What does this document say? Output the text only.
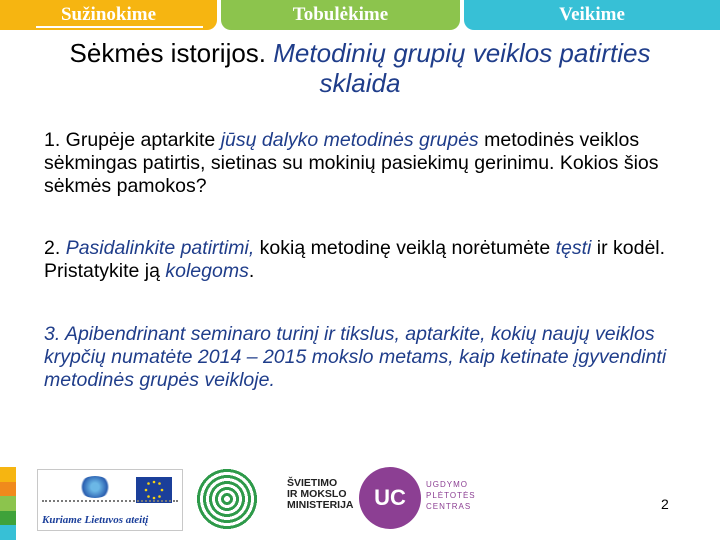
Sužinokime	Tobulėkime	Veikime
Sėkmės istorijos. Metodinių grupių veiklos patirties sklaida
1. Grupėje aptarkite jūsų dalyko metodinės grupės metodinės veiklos sėkmingas patirtis, sietinas su mokinių pasiekimų gerinimu. Kokios šios sėkmės pamokos?
2. Pasidalinkite patirtimi, kokią metodinę veiklą norėtumėte tęsti ir kodėl. Pristatykite ją kolegoms.
3. Apibendrinant seminaro turinį ir tikslus, aptarkite, kokių naujų veiklos krypčių numatėte 2014 – 2015 mokslo metams, kaip ketinate įgyvendinti metodinės grupės veikloje.
Kuriame Lietuvos ateitį
ŠVIETIMO
IR MOKSLO
MINISTERIJA UC
UGDYMO
PLĖTOTĖS
CENTRAS	2
